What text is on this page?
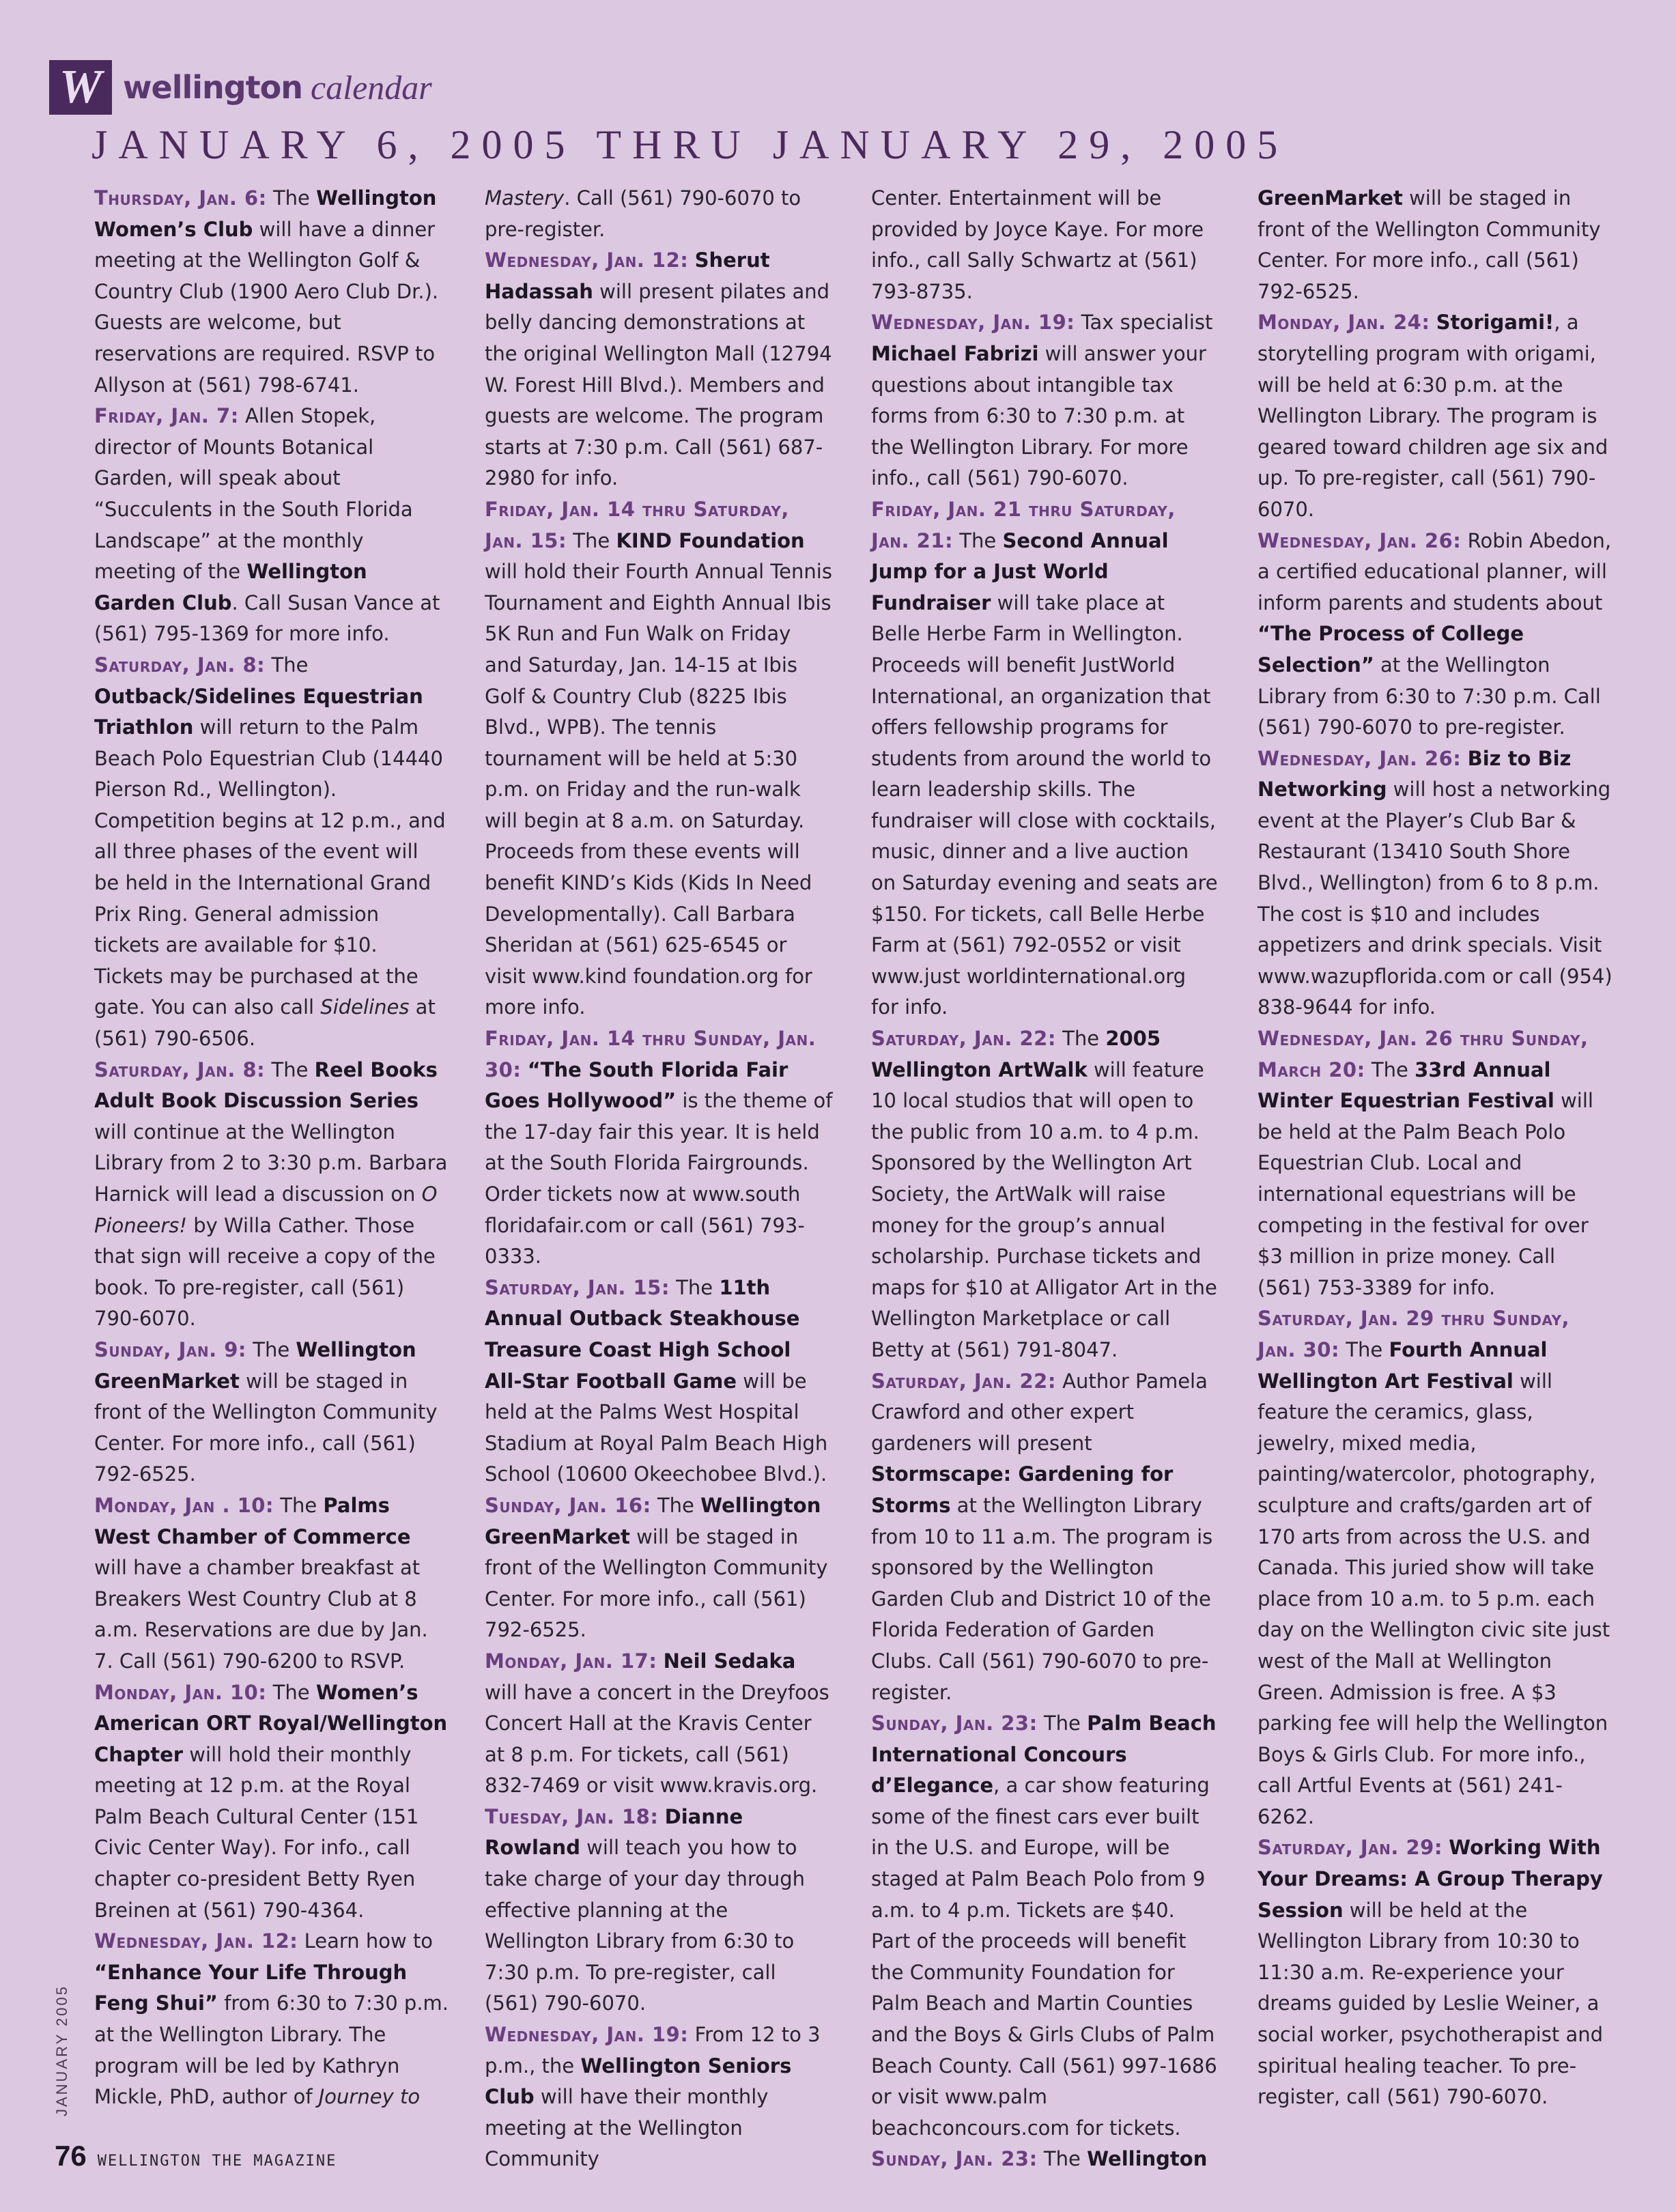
W wellington calendar
JANUARY 6, 2005 THRU JANUARY 29, 2005
Thursday, Jan. 6: The Wellington Women’s Club will have a dinner meeting at the Wellington Golf & Country Club (1900 Aero Club Dr.). Guests are welcome, but reservations are required. RSVP to Allyson at (561) 798-6741.
Friday, Jan. 7: Allen Stopek, director of Mounts Botanical Garden, will speak about “Succulents in the South Florida Landscape” at the monthly meeting of the Wellington Garden Club. Call Susan Vance at (561) 795-1369 for more info.
Saturday, Jan. 8: The Outback/Sidelines Equestrian Triathlon will return to the Palm Beach Polo Equestrian Club (14440 Pierson Rd., Wellington). Competition begins at 12 p.m., and all three phases of the event will be held in the International Grand Prix Ring. General admission tickets are available for $10. Tickets may be purchased at the gate. You can also call Sidelines at (561) 790-6506.
Saturday, Jan. 8: The Reel Books Adult Book Discussion Series will continue at the Wellington Library from 2 to 3:30 p.m. Barbara Harnick will lead a discussion on O Pioneers! by Willa Cather. Those that sign will receive a copy of the book. To pre-register, call (561) 790-6070.
Sunday, Jan. 9: The Wellington GreenMarket will be staged in front of the Wellington Community Center. For more info., call (561) 792-6525.
Monday, Jan . 10: The Palms West Chamber of Commerce will have a chamber breakfast at Breakers West Country Club at 8 a.m. Reservations are due by Jan. 7. Call (561) 790-6200 to RSVP.
Monday, Jan. 10: The Women’s American ORT Royal/Wellington Chapter will hold their monthly meeting at 12 p.m. at the Royal Palm Beach Cultural Center (151 Civic Center Way). For info., call chapter co-president Betty Ryen Breinen at (561) 790-4364.
Wednesday, Jan. 12: Learn how to “Enhance Your Life Through Feng Shui” from 6:30 to 7:30 p.m. at the Wellington Library. The program will be led by Kathryn Mickle, PhD, author of Journey to
Mastery. Call (561) 790-6070 to pre-register.
Wednesday, Jan. 12: Sherut Hadassah will present pilates and belly dancing demonstrations at the original Wellington Mall (12794 W. Forest Hill Blvd.). Members and guests are welcome. The program starts at 7:30 p.m. Call (561) 687-2980 for info.
Friday, Jan. 14 thru Saturday, Jan. 15: The KIND Foundation will hold their Fourth Annual Tennis Tournament and Eighth Annual Ibis 5K Run and Fun Walk on Friday and Saturday, Jan. 14-15 at Ibis Golf & Country Club (8225 Ibis Blvd., WPB). The tennis tournament will be held at 5:30 p.m. on Friday and the run-walk will begin at 8 a.m. on Saturday. Proceeds from these events will benefit KIND’s Kids (Kids In Need Developmentally). Call Barbara Sheridan at (561) 625-6545 or visit www.kind foundation.org for more info.
Friday, Jan. 14 thru Sunday, Jan. 30: “The South Florida Fair Goes Hollywood” is the theme of the 17-day fair this year. It is held at the South Florida Fairgrounds. Order tickets now at www.south floridafair.com or call (561) 793-0333.
Saturday, Jan. 15: The 11th Annual Outback Steakhouse Treasure Coast High School All-Star Football Game will be held at the Palms West Hospital Stadium at Royal Palm Beach High School (10600 Okeechobee Blvd.).
Sunday, Jan. 16: The Wellington GreenMarket will be staged in front of the Wellington Community Center. For more info., call (561) 792-6525.
Monday, Jan. 17: Neil Sedaka will have a concert in the Dreyfoos Concert Hall at the Kravis Center at 8 p.m. For tickets, call (561) 832-7469 or visit www.kravis.org.
Tuesday, Jan. 18: Dianne Rowland will teach you how to take charge of your day through effective planning at the Wellington Library from 6:30 to 7:30 p.m. To pre-register, call (561) 790-6070.
Wednesday, Jan. 19: From 12 to 3 p.m., the Wellington Seniors Club will have their monthly meeting at the Wellington Community
Center. Entertainment will be provided by Joyce Kaye. For more info., call Sally Schwartz at (561) 793-8735.
Wednesday, Jan. 19: Tax specialist Michael Fabrizi will answer your questions about intangible tax forms from 6:30 to 7:30 p.m. at the Wellington Library. For more info., call (561) 790-6070.
Friday, Jan. 21 thru Saturday, Jan. 21: The Second Annual Jump for a Just World Fundraiser will take place at Belle Herbe Farm in Wellington. Proceeds will benefit JustWorld International, an organization that offers fellowship programs for students from around the world to learn leadership skills. The fundraiser will close with cocktails, music, dinner and a live auction on Saturday evening and seats are $150. For tickets, call Belle Herbe Farm at (561) 792-0552 or visit www.just worldinternational.org for info.
Saturday, Jan. 22: The 2005 Wellington ArtWalk will feature 10 local studios that will open to the public from 10 a.m. to 4 p.m. Sponsored by the Wellington Art Society, the ArtWalk will raise money for the group’s annual scholarship. Purchase tickets and maps for $10 at Alligator Art in the Wellington Marketplace or call Betty at (561) 791-8047.
Saturday, Jan. 22: Author Pamela Crawford and other expert gardeners will present Stormscape: Gardening for Storms at the Wellington Library from 10 to 11 a.m. The program is sponsored by the Wellington Garden Club and District 10 of the Florida Federation of Garden Clubs. Call (561) 790-6070 to pre-register.
Sunday, Jan. 23: The Palm Beach International Concours d’Elegance, a car show featuring some of the finest cars ever built in the U.S. and Europe, will be staged at Palm Beach Polo from 9 a.m. to 4 p.m. Tickets are $40. Part of the proceeds will benefit the Community Foundation for Palm Beach and Martin Counties and the Boys & Girls Clubs of Palm Beach County. Call (561) 997-1686 or visit www.palm beachconcours.com for tickets.
Sunday, Jan. 23: The Wellington
GreenMarket will be staged in front of the Wellington Community Center. For more info., call (561) 792-6525.
Monday, Jan. 24: Storigami!, a storytelling program with origami, will be held at 6:30 p.m. at the Wellington Library. The program is geared toward children age six and up. To pre-register, call (561) 790-6070.
Wednesday, Jan. 26: Robin Abedon, a certified educational planner, will inform parents and students about “The Process of College Selection” at the Wellington Library from 6:30 to 7:30 p.m. Call (561) 790-6070 to pre-register.
Wednesday, Jan. 26: Biz to Biz Networking will host a networking event at the Player’s Club Bar & Restaurant (13410 South Shore Blvd., Wellington) from 6 to 8 p.m. The cost is $10 and includes appetizers and drink specials. Visit www.wazupflorida.com or call (954) 838-9644 for info.
Wednesday, Jan. 26 thru Sunday, March 20: The 33rd Annual Winter Equestrian Festival will be held at the Palm Beach Polo Equestrian Club. Local and international equestrians will be competing in the festival for over $3 million in prize money. Call (561) 753-3389 for info.
Saturday, Jan. 29 thru Sunday, Jan. 30: The Fourth Annual Wellington Art Festival will feature the ceramics, glass, jewelry, mixed media, painting/watercolor, photography, sculpture and crafts/garden art of 170 arts from across the U.S. and Canada. This juried show will take place from 10 a.m. to 5 p.m. each day on the Wellington civic site just west of the Mall at Wellington Green. Admission is free. A $3 parking fee will help the Wellington Boys & Girls Club. For more info., call Artful Events at (561) 241-6262.
Saturday, Jan. 29: Working With Your Dreams: A Group Therapy Session will be held at the Wellington Library from 10:30 to 11:30 a.m. Re-experience your dreams guided by Leslie Weiner, a social worker, psychotherapist and spiritual healing teacher. To pre-register, call (561) 790-6070.
JANUARY 2005
76 WELLINGTON THE MAGAZINE
